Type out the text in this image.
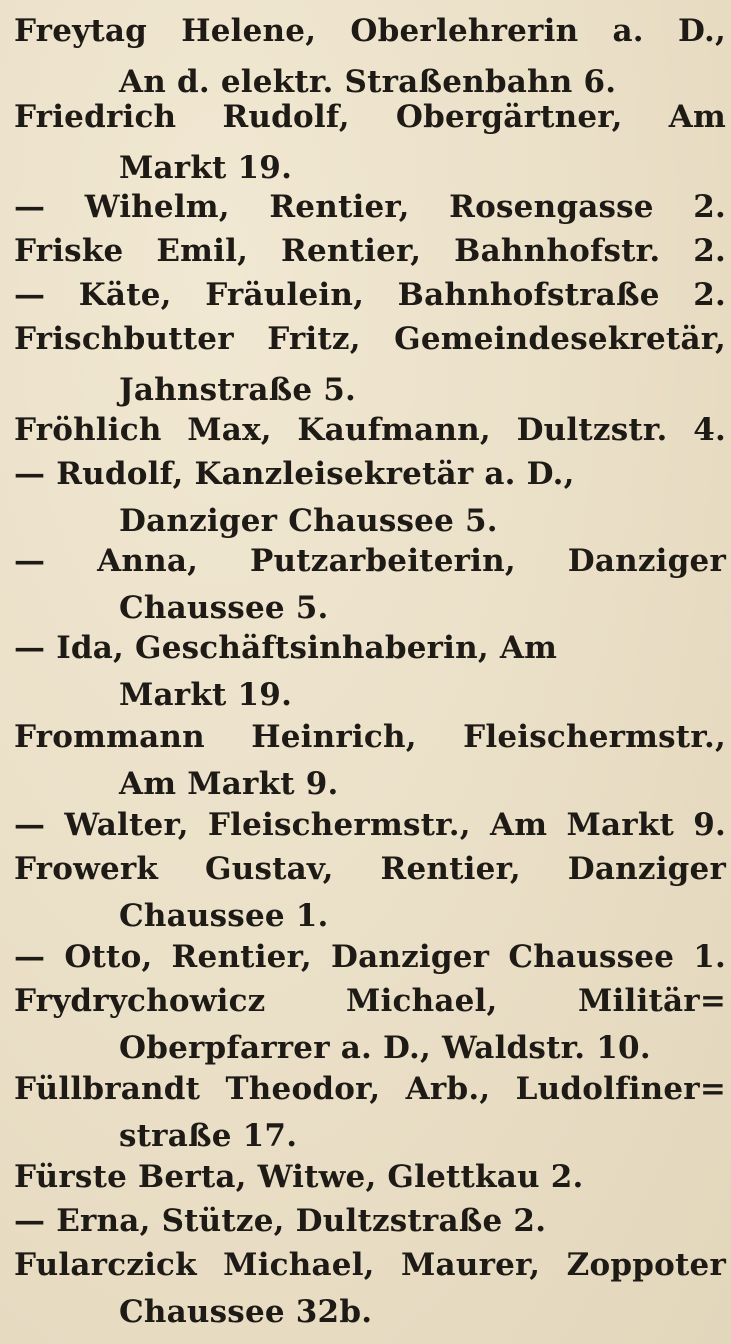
Freytag Helene, Oberlehrerin a. D.,
An d. elektr. Straßenbahn 6.
Friedrich Rudolf, Obergärtner, Am
Markt 19.
— Wihelm, Rentier, Rosengasse 2.
Friske Emil, Rentier, Bahnhofstr. 2.
— Käte, Fräulein, Bahnhofstraße 2.
Frischbutter Fritz, Gemeindesekretär,
Jahnstraße 5.
Fröhlich Max, Kaufmann, Dultzstr. 4.
— Rudolf, Kanzleisekretär a. D.,
Danziger Chaussee 5.
— Anna, Putzarbeiterin, Danziger
Chaussee 5.
— Ida, Geschäftsinhaberin, Am
Markt 19.
Frommann Heinrich, Fleischermstr.,
Am Markt 9.
— Walter, Fleischermstr., Am Markt 9.
Frowerk Gustav, Rentier, Danziger
Chaussee 1.
— Otto, Rentier, Danziger Chaussee 1.
Frydrychowicz Michael, Militär=
Oberpfarrer a. D., Waldstr. 10.
Füllbrandt Theodor, Arb., Ludolfiner=
straße 17.
Fürste Berta, Witwe, Glettkau 2.
— Erna, Stütze, Dultzstraße 2.
Fularczick Michael, Maurer, Zoppoter
Chaussee 32b.
